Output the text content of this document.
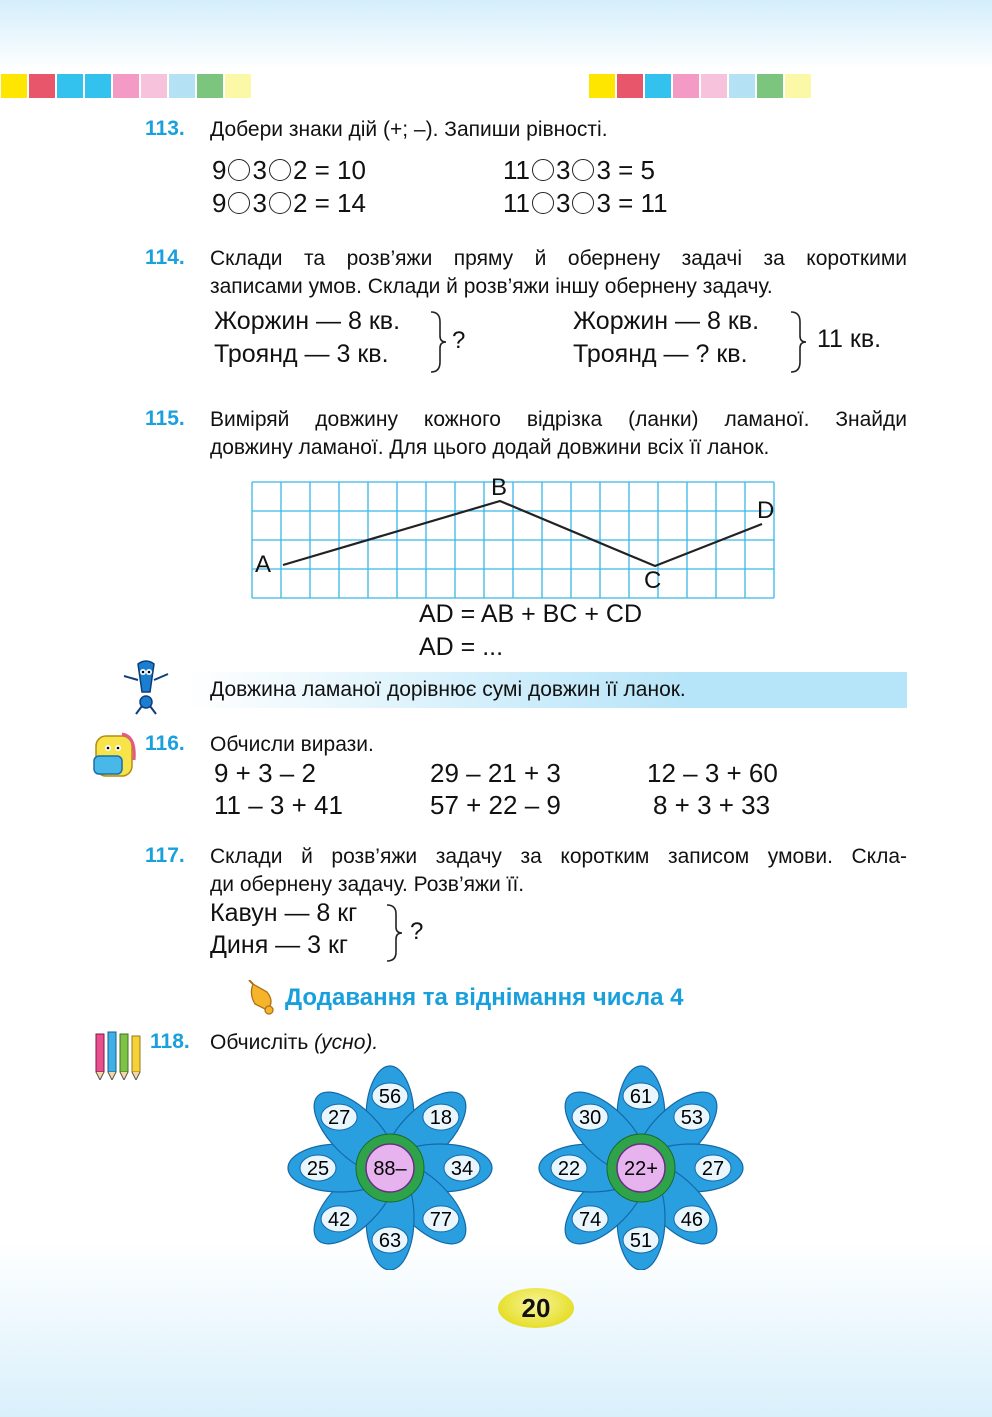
113. Добери знаки дій (+; –). Запиши рівності.
9 3 2 = 10
9 3 2 = 14
11 3 3 = 5
11 3 3 = 11
114. Склади та розв’яжи пряму й обернену задачі за короткими
записами умов. Склади й розв’яжи іншу обернену задачу.
Жоржин — 8 кв.
Троянд — 3 кв.	?
Жоржин — 8 кв.
Троянд — ? кв.
11 кв.
115. Виміряй довжину кожного відрізка (ланки) ламаної. Знайди
довжину ламаної. Для цього додай довжини всіх її ланок.
A
B
C
D
AD = AB + BC + CD
AD = ...
Довжина ламаної дорівнює сумі довжин її ланок.
116. Обчисли вирази.
9 + 3 – 2
11 – 3 + 41
29 – 21 + 3
57 + 22 – 9
12 – 3 + 60
8 + 3 + 33
117. Склади й розв’яжи задачу за коротким записом умови. Скла-
ди обернену задачу. Розв’яжи її.
Кавун — 8 кг
Диня — 3 кг	?
Додавання та віднімання числа 4
118. Обчисліть (усно).
56
18
34
77
63
42
25
27
88–
61
53
27
46
51
74
22
30
22+
20
